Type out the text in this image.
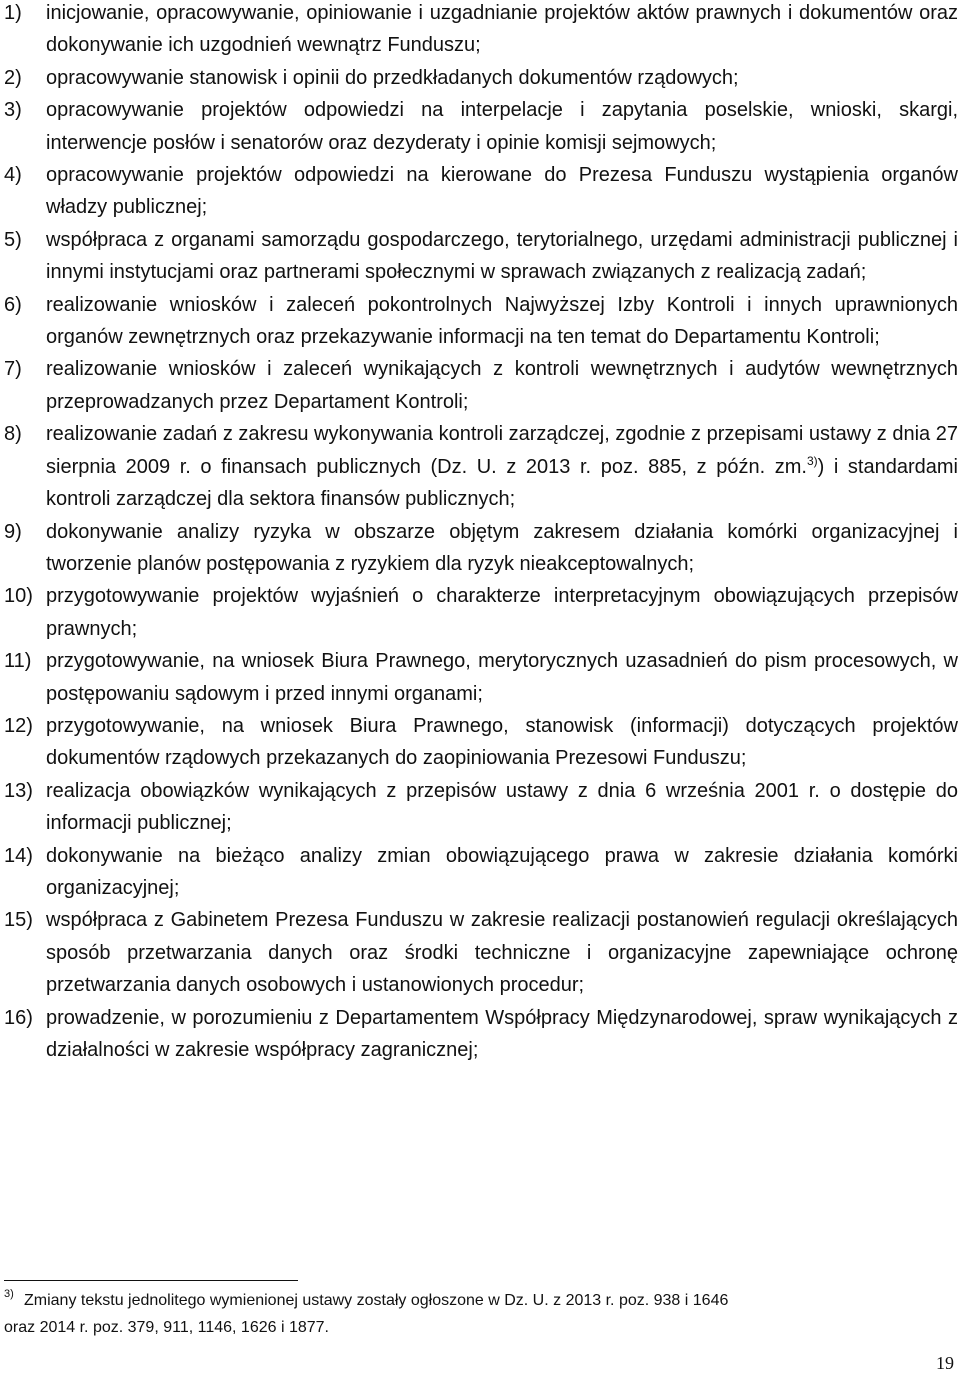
1)	inicjowanie, opracowywanie, opiniowanie i uzgadnianie projektów aktów prawnych i dokumentów oraz dokonywanie ich uzgodnień wewnątrz Funduszu;
2)	opracowywanie stanowisk i opinii do przedkładanych dokumentów rządowych;
3)	opracowywanie projektów odpowiedzi na interpelacje i zapytania poselskie, wnioski, skargi, interwencje posłów i senatorów oraz dezyderaty i opinie komisji sejmowych;
4)	opracowywanie projektów odpowiedzi na kierowane do Prezesa Funduszu wystąpienia organów władzy publicznej;
5)	współpraca z organami samorządu gospodarczego, terytorialnego, urzędami administracji publicznej i innymi instytucjami oraz partnerami społecznymi w sprawach związanych z realizacją zadań;
6)	realizowanie wniosków i zaleceń pokontrolnych Najwyższej Izby Kontroli i innych uprawnionych organów zewnętrznych oraz przekazywanie informacji na ten temat do Departamentu Kontroli;
7)	realizowanie wniosków i zaleceń wynikających z kontroli wewnętrznych i audytów wewnętrznych przeprowadzanych przez Departament Kontroli;
8)	realizowanie zadań z zakresu wykonywania kontroli zarządczej, zgodnie z przepisami ustawy z dnia 27 sierpnia 2009 r. o finansach publicznych (Dz. U. z 2013 r. poz. 885, z późn. zm.$^{3)}$) i standardami kontroli zarządczej dla sektora finansów publicznych;
9)	dokonywanie analizy ryzyka w obszarze objętym zakresem działania komórki organizacyjnej i tworzenie planów postępowania z ryzykiem dla ryzyk nieakceptowalnych;
10) przygotowywanie projektów wyjaśnień o charakterze interpretacyjnym obowiązujących przepisów prawnych;
11) przygotowywanie, na wniosek Biura Prawnego, merytorycznych uzasadnień do pism procesowych, w postępowaniu sądowym i przed innymi organami;
12) przygotowywanie, na wniosek Biura Prawnego, stanowisk (informacji) dotyczących projektów dokumentów rządowych przekazanych do zaopiniowania Prezesowi Funduszu;
13) realizacja obowiązków wynikających z przepisów ustawy z dnia 6 września 2001 r. o dostępie do informacji publicznej;
14) dokonywanie na bieżąco analizy zmian obowiązującego prawa w zakresie działania komórki organizacyjnej;
15) współpraca z Gabinetem Prezesa Funduszu w zakresie realizacji postanowień regulacji określających sposób przetwarzania danych oraz środki techniczne i organizacyjne zapewniające ochronę przetwarzania danych osobowych i ustanowionych procedur;
16) prowadzenie, w porozumieniu z Departamentem Współpracy Międzynarodowej, spraw wynikających z działalności w zakresie współpracy zagranicznej;
$^{3)}$ Zmiany tekstu jednolitego wymienionej ustawy zostały ogłoszone w Dz. U. z 2013 r. poz. 938 i 1646
oraz 2014 r. poz. 379, 911, 1146, 1626 i 1877.
19
